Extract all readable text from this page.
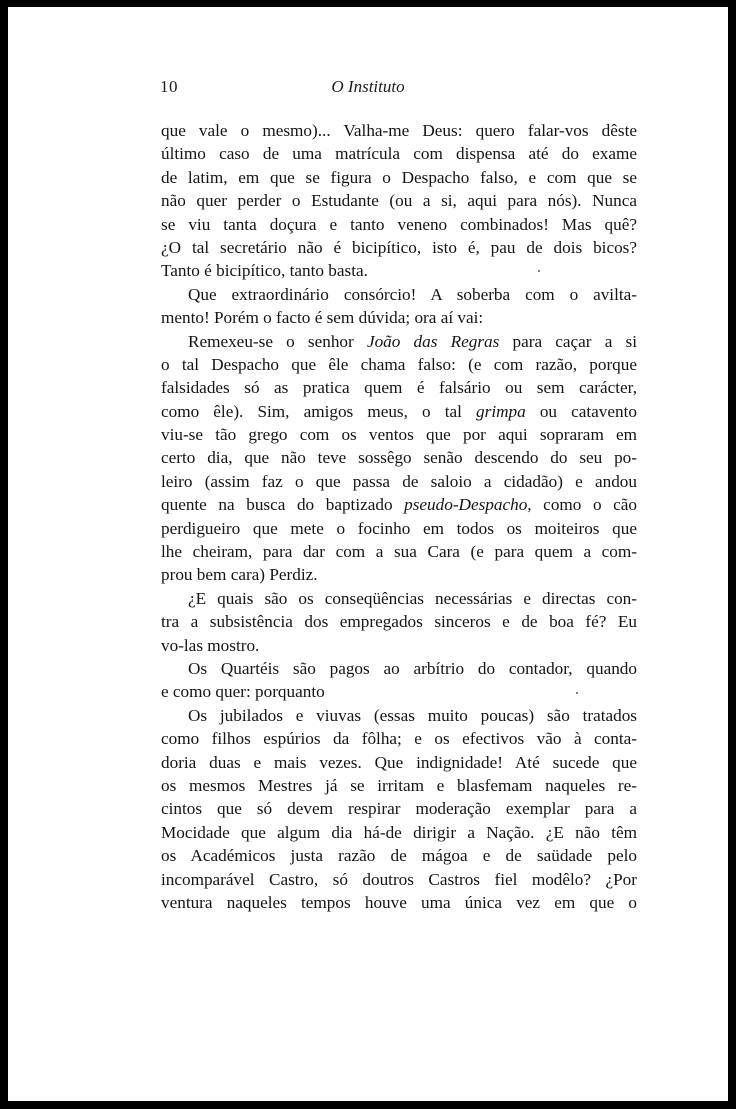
10	O Instituto
que vale o mesmo)... Valha-me Deus: quero falar-vos dêste
último caso de uma matrícula com dispensa até do exame
de latim, em que se figura o Despacho falso, e com que se
não quer perder o Estudante (ou a si, aqui para nós). Nunca
se viu tanta doçura e tanto veneno combinados! Mas quê?
¿O tal secretário não é bicipítico, isto é, pau de dois bicos?
Tanto é bicipítico, tanto basta.
Que extraordinário consórcio! A soberba com o avilta-
mento! Porém o facto é sem dúvida; ora aí vai:
Remexeu-se o senhor João das Regras para caçar a si
o tal Despacho que êle chama falso: (e com razão, porque
falsidades só as pratica quem é falsário ou sem carácter,
como êle). Sim, amigos meus, o tal grimpa ou catavento
viu-se tão grego com os ventos que por aqui sopraram em
certo dia, que não teve sossêgo senão descendo do seu po-
leiro (assim faz o que passa de saloio a cidadão) e andou
quente na busca do baptizado pseudo-Despacho, como o cão
perdigueiro que mete o focinho em todos os moiteiros que
lhe cheiram, para dar com a sua Cara (e para quem a com-
prou bem cara) Perdiz.
¿E quais são os conseqüências necessárias e directas con-
tra a subsistência dos empregados sinceros e de boa fé? Eu
vo-las mostro.
Os Quartéis são pagos ao arbítrio do contador, quando
e como quer: porquanto
Os jubilados e viuvas (essas muito poucas) são tratados
como filhos espúrios da fôlha; e os efectivos vão à conta-
doria duas e mais vezes. Que indignidade! Até sucede que
os mesmos Mestres já se irritam e blasfemam naqueles re-
cintos que só devem respirar moderação exemplar para a
Mocidade que algum dia há-de dirigir a Nação. ¿E não têm
os Académicos justa razão de mágoa e de saüdade pelo
incomparável Castro, só doutros Castros fiel modêlo? ¿Por
ventura naqueles tempos houve uma única vez em que o
